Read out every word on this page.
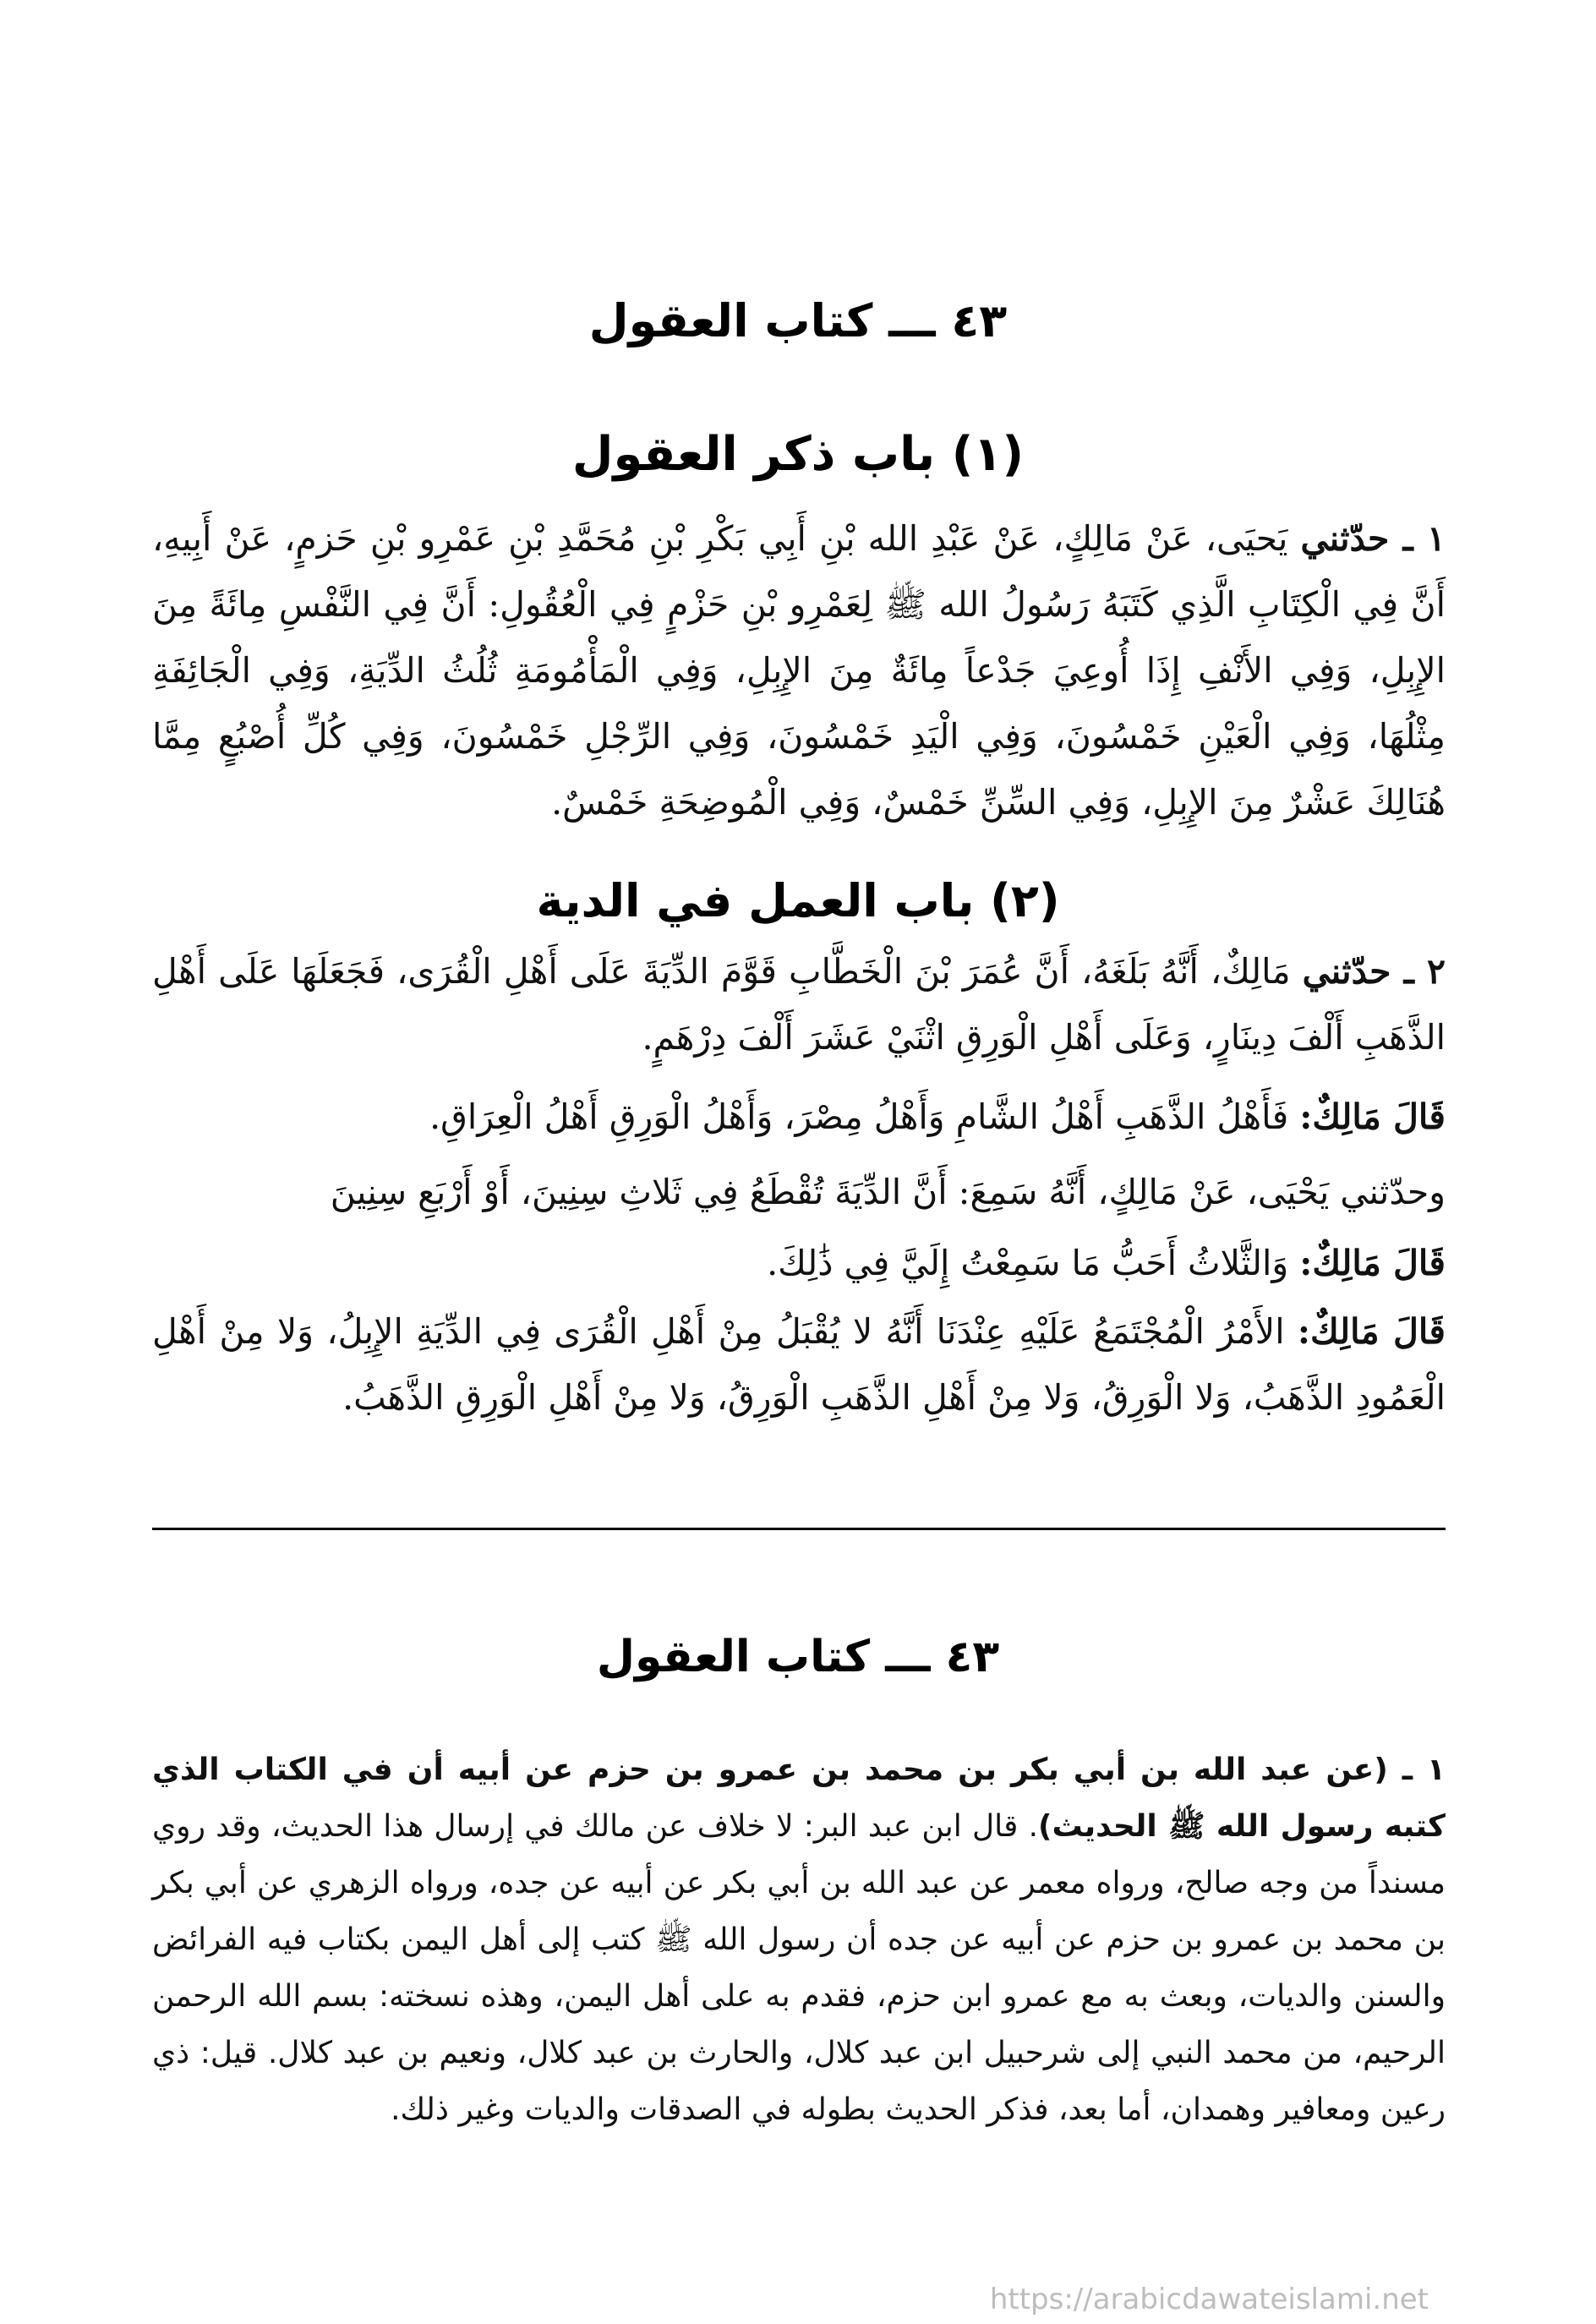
٤٣ ـــ كتاب العقول
(١) باب ذكر العقول
١ ـ حدّثني يَحيَى، عَنْ مَالِكٍ، عَنْ عَبْدِ الله بْنِ أَبِي بَكْرِ بْنِ مُحَمَّدِ بْنِ عَمْرِو بْنِ حَزمٍ، عَنْ أَبِيهِ، أَنَّ فِي الْكِتَابِ الَّذِي كَتَبَهُ رَسُولُ الله ﷺ لِعَمْرِو بْنِ حَزْمٍ فِي الْعُقُولِ: أَنَّ فِي النَّفْسِ مِائَةً مِنَ الإِبِلِ، وَفِي الأَنْفِ إِذَا أُوعِيَ جَدْعاً مِائَةٌ مِنَ الإِبِلِ، وَفِي الْمَأْمُومَةِ ثُلُثُ الدِّيَةِ، وَفِي الْجَائِفَةِ مِثْلُهَا، وَفِي الْعَيْنِ خَمْسُونَ، وَفِي الْيَدِ خَمْسُونَ، وَفِي الرِّجْلِ خَمْسُونَ، وَفِي كُلِّ أُصْبُعٍ مِمَّا هُنَالِكَ عَشْرٌ مِنَ الإِبِلِ، وَفِي السِّنِّ خَمْسٌ، وَفِي الْمُوضِحَةِ خَمْسٌ.
(٢) باب العمل في الدية
٢ ـ حدّثني مَالِكٌ، أَنَّهُ بَلَغَهُ، أَنَّ عُمَرَ بْنَ الْخَطَّابِ قَوَّمَ الدِّيَةَ عَلَى أَهْلِ الْقُرَى، فَجَعَلَهَا عَلَى أَهْلِ الذَّهَبِ أَلْفَ دِينَارٍ، وَعَلَى أَهْلِ الْوَرِقِ اثْنَيْ عَشَرَ أَلْفَ دِرْهَمٍ.
قَالَ مَالِكٌ: فَأَهْلُ الذَّهَبِ أَهْلُ الشَّامِ وَأَهْلُ مِصْرَ، وَأَهْلُ الْوَرِقِ أَهْلُ الْعِرَاقِ.
وحدّثني يَحْيَى، عَنْ مَالِكٍ، أَنَّهُ سَمِعَ: أَنَّ الدِّيَةَ تُقْطَعُ فِي ثَلاثِ سِنِينَ، أَوْ أَرْبَعِ سِنِينَ
قَالَ مَالِكٌ: وَالثَّلاثُ أَحَبُّ مَا سَمِعْتُ إِلَيَّ فِي ذَٰلِكَ.
قَالَ مَالِكٌ: الأَمْرُ الْمُجْتَمَعُ عَلَيْهِ عِنْدَنَا أَنَّهُ لا يُقْبَلُ مِنْ أَهْلِ الْقُرَى فِي الدِّيَةِ الإِبِلُ، وَلا مِنْ أَهْلِ الْعَمُودِ الذَّهَبُ، وَلا الْوَرِقُ، وَلا مِنْ أَهْلِ الذَّهَبِ الْوَرِقُ، وَلا مِنْ أَهْلِ الْوَرِقِ الذَّهَبُ.
٤٣ ـــ كتاب العقول
١ ـ (عن عبد الله بن أبي بكر بن محمد بن عمرو بن حزم عن أبيه أن في الكتاب الذي كتبه رسول الله ﷺ الحديث). قال ابن عبد البر: لا خلاف عن مالك في إرسال هذا الحديث، وقد روي مسنداً من وجه صالح، ورواه معمر عن عبد الله بن أبي بكر عن أبيه عن جده، ورواه الزهري عن أبي بكر بن محمد بن عمرو بن حزم عن أبيه عن جده أن رسول الله ﷺ كتب إلى أهل اليمن بكتاب فيه الفرائض والسنن والديات، وبعث به مع عمرو ابن حزم، فقدم به على أهل اليمن، وهذه نسخته: بسم الله الرحمن الرحيم، من محمد النبي إلى شرحبيل ابن عبد كلال، والحارث بن عبد كلال، ونعيم بن عبد كلال. قيل: ذي رعين ومعافير وهمدان، أما بعد، فذكر الحديث بطوله في الصدقات والديات وغير ذلك.
https://arabicdawateislami.net
